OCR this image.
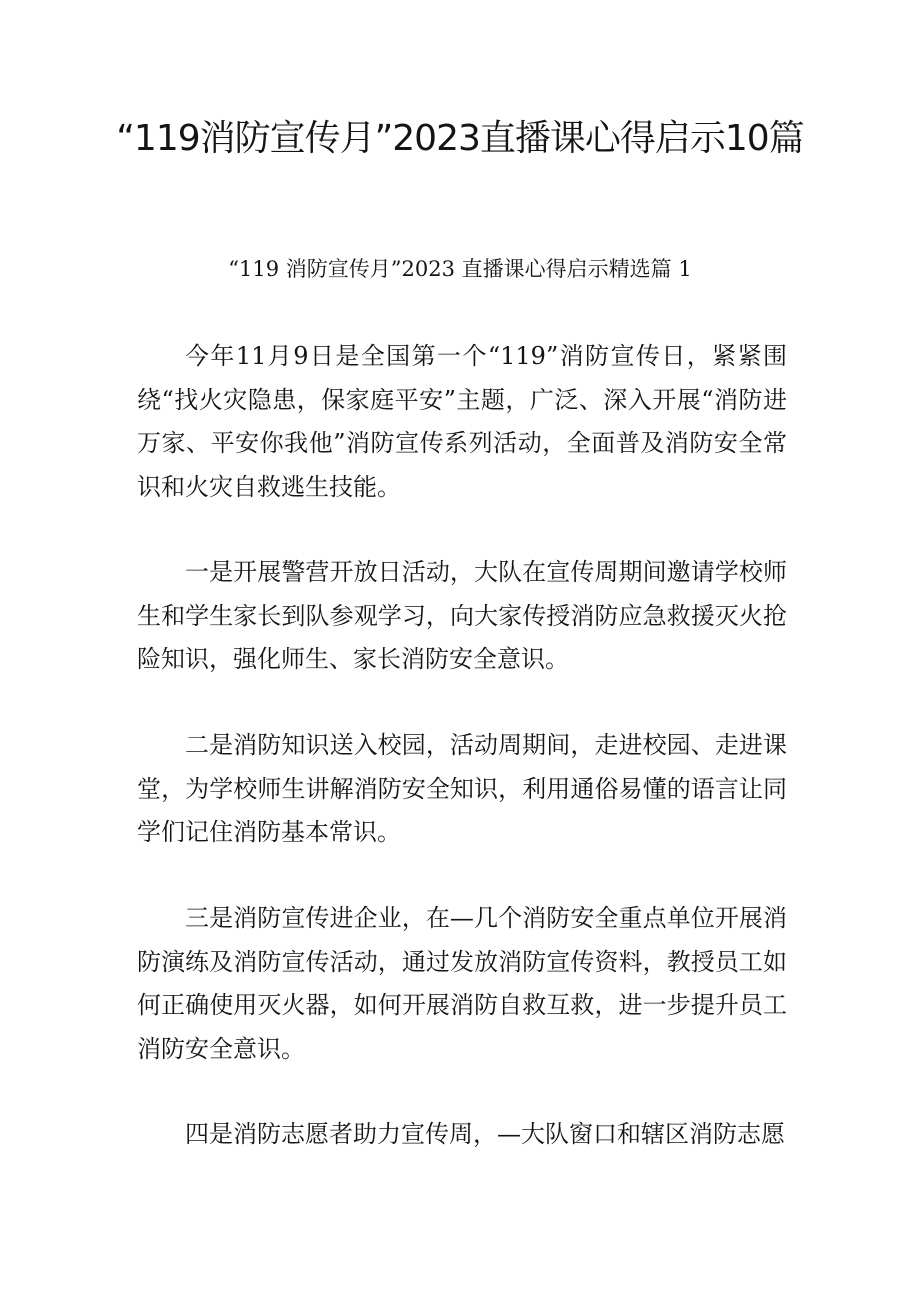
“119消防宣传月”2023直播课心得启示10篇
“119 消防宣传月”2023 直播课心得启示精选篇 1

今年11月9日是全国第一个“119”消防宣传日，紧紧围绕“找火灾隐患，保家庭平安”主题，广泛、深入开展“消防进万家、平安你我他”消防宣传系列活动，全面普及消防安全常识和火灾自救逃生技能。

一是开展警营开放日活动，大队在宣传周期间邀请学校师生和学生家长到队参观学习，向大家传授消防应急救援灭火抢险知识，强化师生、家长消防安全意识。

二是消防知识送入校园，活动周期间，走进校园、走进课堂，为学校师生讲解消防安全知识，利用通俗易懂的语言让同学们记住消防基本常识。

三是消防宣传进企业，在—几个消防安全重点单位开展消防演练及消防宣传活动，通过发放消防宣传资料，教授员工如何正确使用灭火器，如何开展消防自救互救，进一步提升员工消防安全意识。

四是消防志愿者助力宣传周，—大队窗口和辖区消防志愿
